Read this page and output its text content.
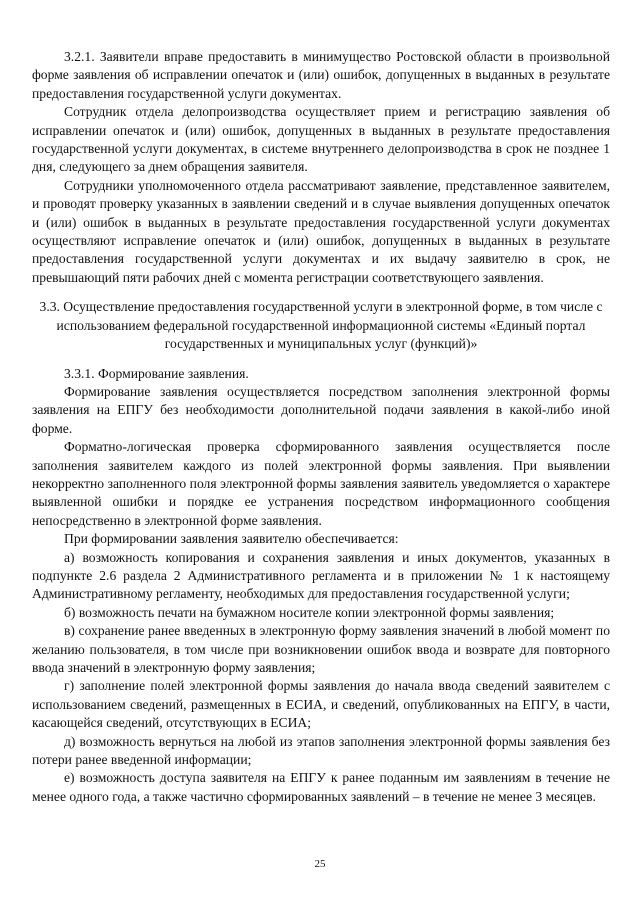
3.2.1. Заявители вправе предоставить в минимущество Ростовской области в произвольной форме заявления об исправлении опечаток и (или) ошибок, допущенных в выданных в результате предоставления государственной услуги документах.

Сотрудник отдела делопроизводства осуществляет прием и регистрацию заявления об исправлении опечаток и (или) ошибок, допущенных в выданных в результате предоставления государственной услуги документах, в системе внутреннего делопроизводства в срок не позднее 1 дня, следующего за днем обращения заявителя.

Сотрудники уполномоченного отдела рассматривают заявление, представленное заявителем, и проводят проверку указанных в заявлении сведений и в случае выявления допущенных опечаток и (или) ошибок в выданных в результате предоставления государственной услуги документах осуществляют исправление опечаток и (или) ошибок, допущенных в выданных в результате предоставления государственной услуги документах и их выдачу заявителю в срок, не превышающий пяти рабочих дней с момента регистрации соответствующего заявления.

3.3. Осуществление предоставления государственной услуги в электронной форме, в том числе с использованием федеральной государственной информационной системы «Единый портал государственных и муниципальных услуг (функций)»

3.3.1. Формирование заявления.

Формирование заявления осуществляется посредством заполнения электронной формы заявления на ЕПГУ без необходимости дополнительной подачи заявления в какой-либо иной форме.

Форматно-логическая проверка сформированного заявления осуществляется после заполнения заявителем каждого из полей электронной формы заявления. При выявлении некорректно заполненного поля электронной формы заявления заявитель уведомляется о характере выявленной ошибки и порядке ее устранения посредством информационного сообщения непосредственно в электронной форме заявления.

При формировании заявления заявителю обеспечивается:

а) возможность копирования и сохранения заявления и иных документов, указанных в подпункте 2.6 раздела 2 Административного регламента и в приложении № 1 к настоящему Административному регламенту, необходимых для предоставления государственной услуги;

б) возможность печати на бумажном носителе копии электронной формы заявления;

в) сохранение ранее введенных в электронную форму заявления значений в любой момент по желанию пользователя, в том числе при возникновении ошибок ввода и возврате для повторного ввода значений в электронную форму заявления;

г) заполнение полей электронной формы заявления до начала ввода сведений заявителем с использованием сведений, размещенных в ЕСИА, и сведений, опубликованных на ЕПГУ, в части, касающейся сведений, отсутствующих в ЕСИА;

д) возможность вернуться на любой из этапов заполнения электронной формы заявления без потери ранее введенной информации;

е) возможность доступа заявителя на ЕПГУ к ранее поданным им заявлениям в течение не менее одного года, а также частично сформированных заявлений – в течение не менее 3 месяцев.

25
